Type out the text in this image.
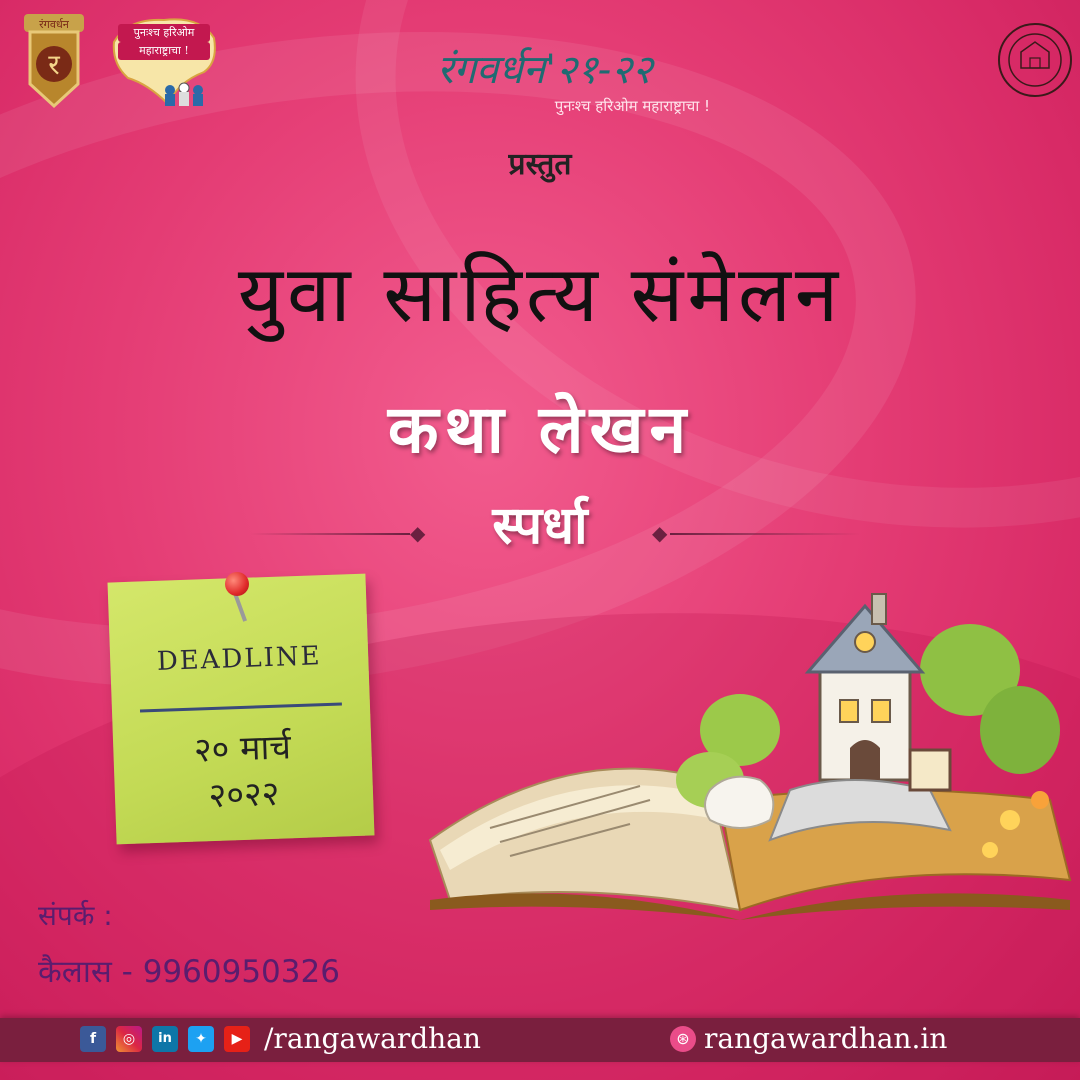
रंगवर्धन
र
पुनःश्च हरिओम
महाराष्ट्राचा !	रंगवर्धन'२१-२२
पुनःश्च हरिओम महाराष्ट्राचा !
प्रस्तुत
युवा साहित्य संमेलन
कथा लेखन
◆	◆
स्पर्धा
DEADLINE
२० मार्च
२०२२
संपर्क :
कैलास - 9960950326
f	◎	in	✦	▶ /rangawardhan	⊛ rangawardhan.in
